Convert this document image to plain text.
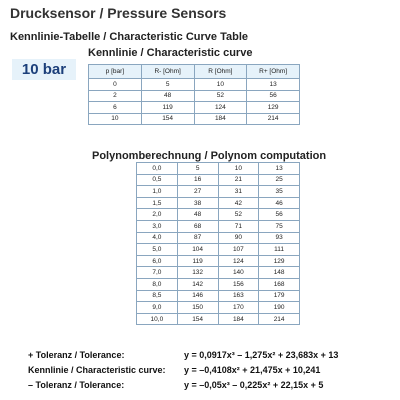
Drucksensor / Pressure Sensors
Kennlinie-Tabelle / Characteristic Curve Table
10 bar
Kennlinie / Characteristic curve
p [bar]	R- [Ohm]	R [Ohm]	R+ [Ohm]
0	5	10	13
2	48	52	56
6	119	124	129
10	154	184	214
Polynomberechnung / Polynom computation
0,0	5	10	13
0,5	16	21	25
1,0	27	31	35
1,5	38	42	46
2,0	48	52	56
3,0	68	71	75
4,0	87	90	93
5,0	104	107	111
6,0	119	124	129
7,0	132	140	148
8,0	142	156	168
8,5	146	163	179
9,0	150	170	190
10,0	154	184	214
+ Toleranz / Tolerance:	y = 0,0917x³ – 1,275x² + 23,683x + 13
Kennlinie / Characteristic curve:	y = –0,4108x² + 21,475x + 10,241
– Toleranz / Tolerance:	y = –0,05x³ – 0,225x² + 22,15x + 5
